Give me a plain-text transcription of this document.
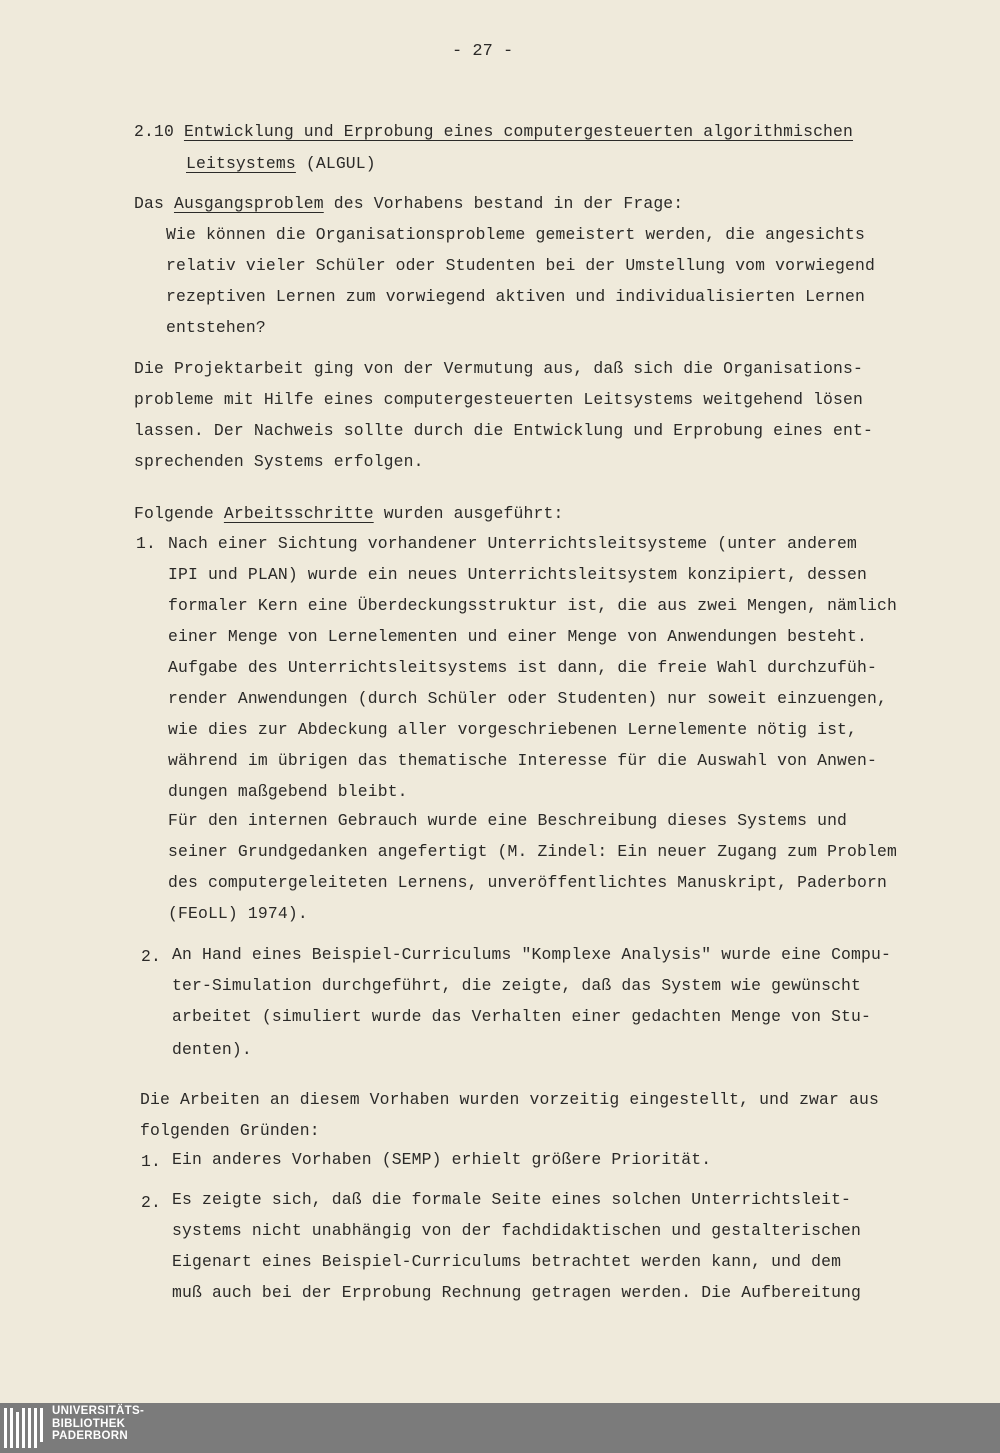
- 27 -
2.10 Entwicklung und Erprobung eines computergesteuerten algorithmischen
Leitsystems (ALGUL)
Das Ausgangsproblem des Vorhabens bestand in der Frage:
Wie können die Organisationsprobleme gemeistert werden, die angesichts
relativ vieler Schüler oder Studenten bei der Umstellung vom vorwiegend
rezeptiven Lernen zum vorwiegend aktiven und individualisierten Lernen
entstehen?
Die Projektarbeit ging von der Vermutung aus, daß sich die Organisations-
probleme mit Hilfe eines computergesteuerten Leitsystems weitgehend lösen
lassen. Der Nachweis sollte durch die Entwicklung und Erprobung eines ent-
sprechenden Systems erfolgen.
Folgende Arbeitsschritte wurden ausgeführt:
1. Nach einer Sichtung vorhandener Unterrichtsleitsysteme (unter anderem
IPI und PLAN) wurde ein neues Unterrichtsleitsystem konzipiert, dessen
formaler Kern eine Überdeckungsstruktur ist, die aus zwei Mengen, nämlich
einer Menge von Lernelementen und einer Menge von Anwendungen besteht.
Aufgabe des Unterrichtsleitsystems ist dann, die freie Wahl durchzufüh-
render Anwendungen (durch Schüler oder Studenten) nur soweit einzuengen,
wie dies zur Abdeckung aller vorgeschriebenen Lernelemente nötig ist,
während im übrigen das thematische Interesse für die Auswahl von Anwen-
dungen maßgebend bleibt.
Für den internen Gebrauch wurde eine Beschreibung dieses Systems und
seiner Grundgedanken angefertigt (M. Zindel: Ein neuer Zugang zum Problem
des computergeleiteten Lernens, unveröffentlichtes Manuskript, Paderborn
(FEoLL) 1974).
2. An Hand eines Beispiel-Curriculums "Komplexe Analysis" wurde eine Compu-
ter-Simulation durchgeführt, die zeigte, daß das System wie gewünscht
arbeitet (simuliert wurde das Verhalten einer gedachten Menge von Stu-
denten).
Die Arbeiten an diesem Vorhaben wurden vorzeitig eingestellt, und zwar aus
folgenden Gründen:
1. Ein anderes Vorhaben (SEMP) erhielt größere Priorität.
2. Es zeigte sich, daß die formale Seite eines solchen Unterrichtsleit-
systems nicht unabhängig von der fachdidaktischen und gestalterischen
Eigenart eines Beispiel-Curriculums betrachtet werden kann, und dem
muß auch bei der Erprobung Rechnung getragen werden. Die Aufbereitung
UNIVERSITÄTS-
BIBLIOTHEK
PADERBORN
